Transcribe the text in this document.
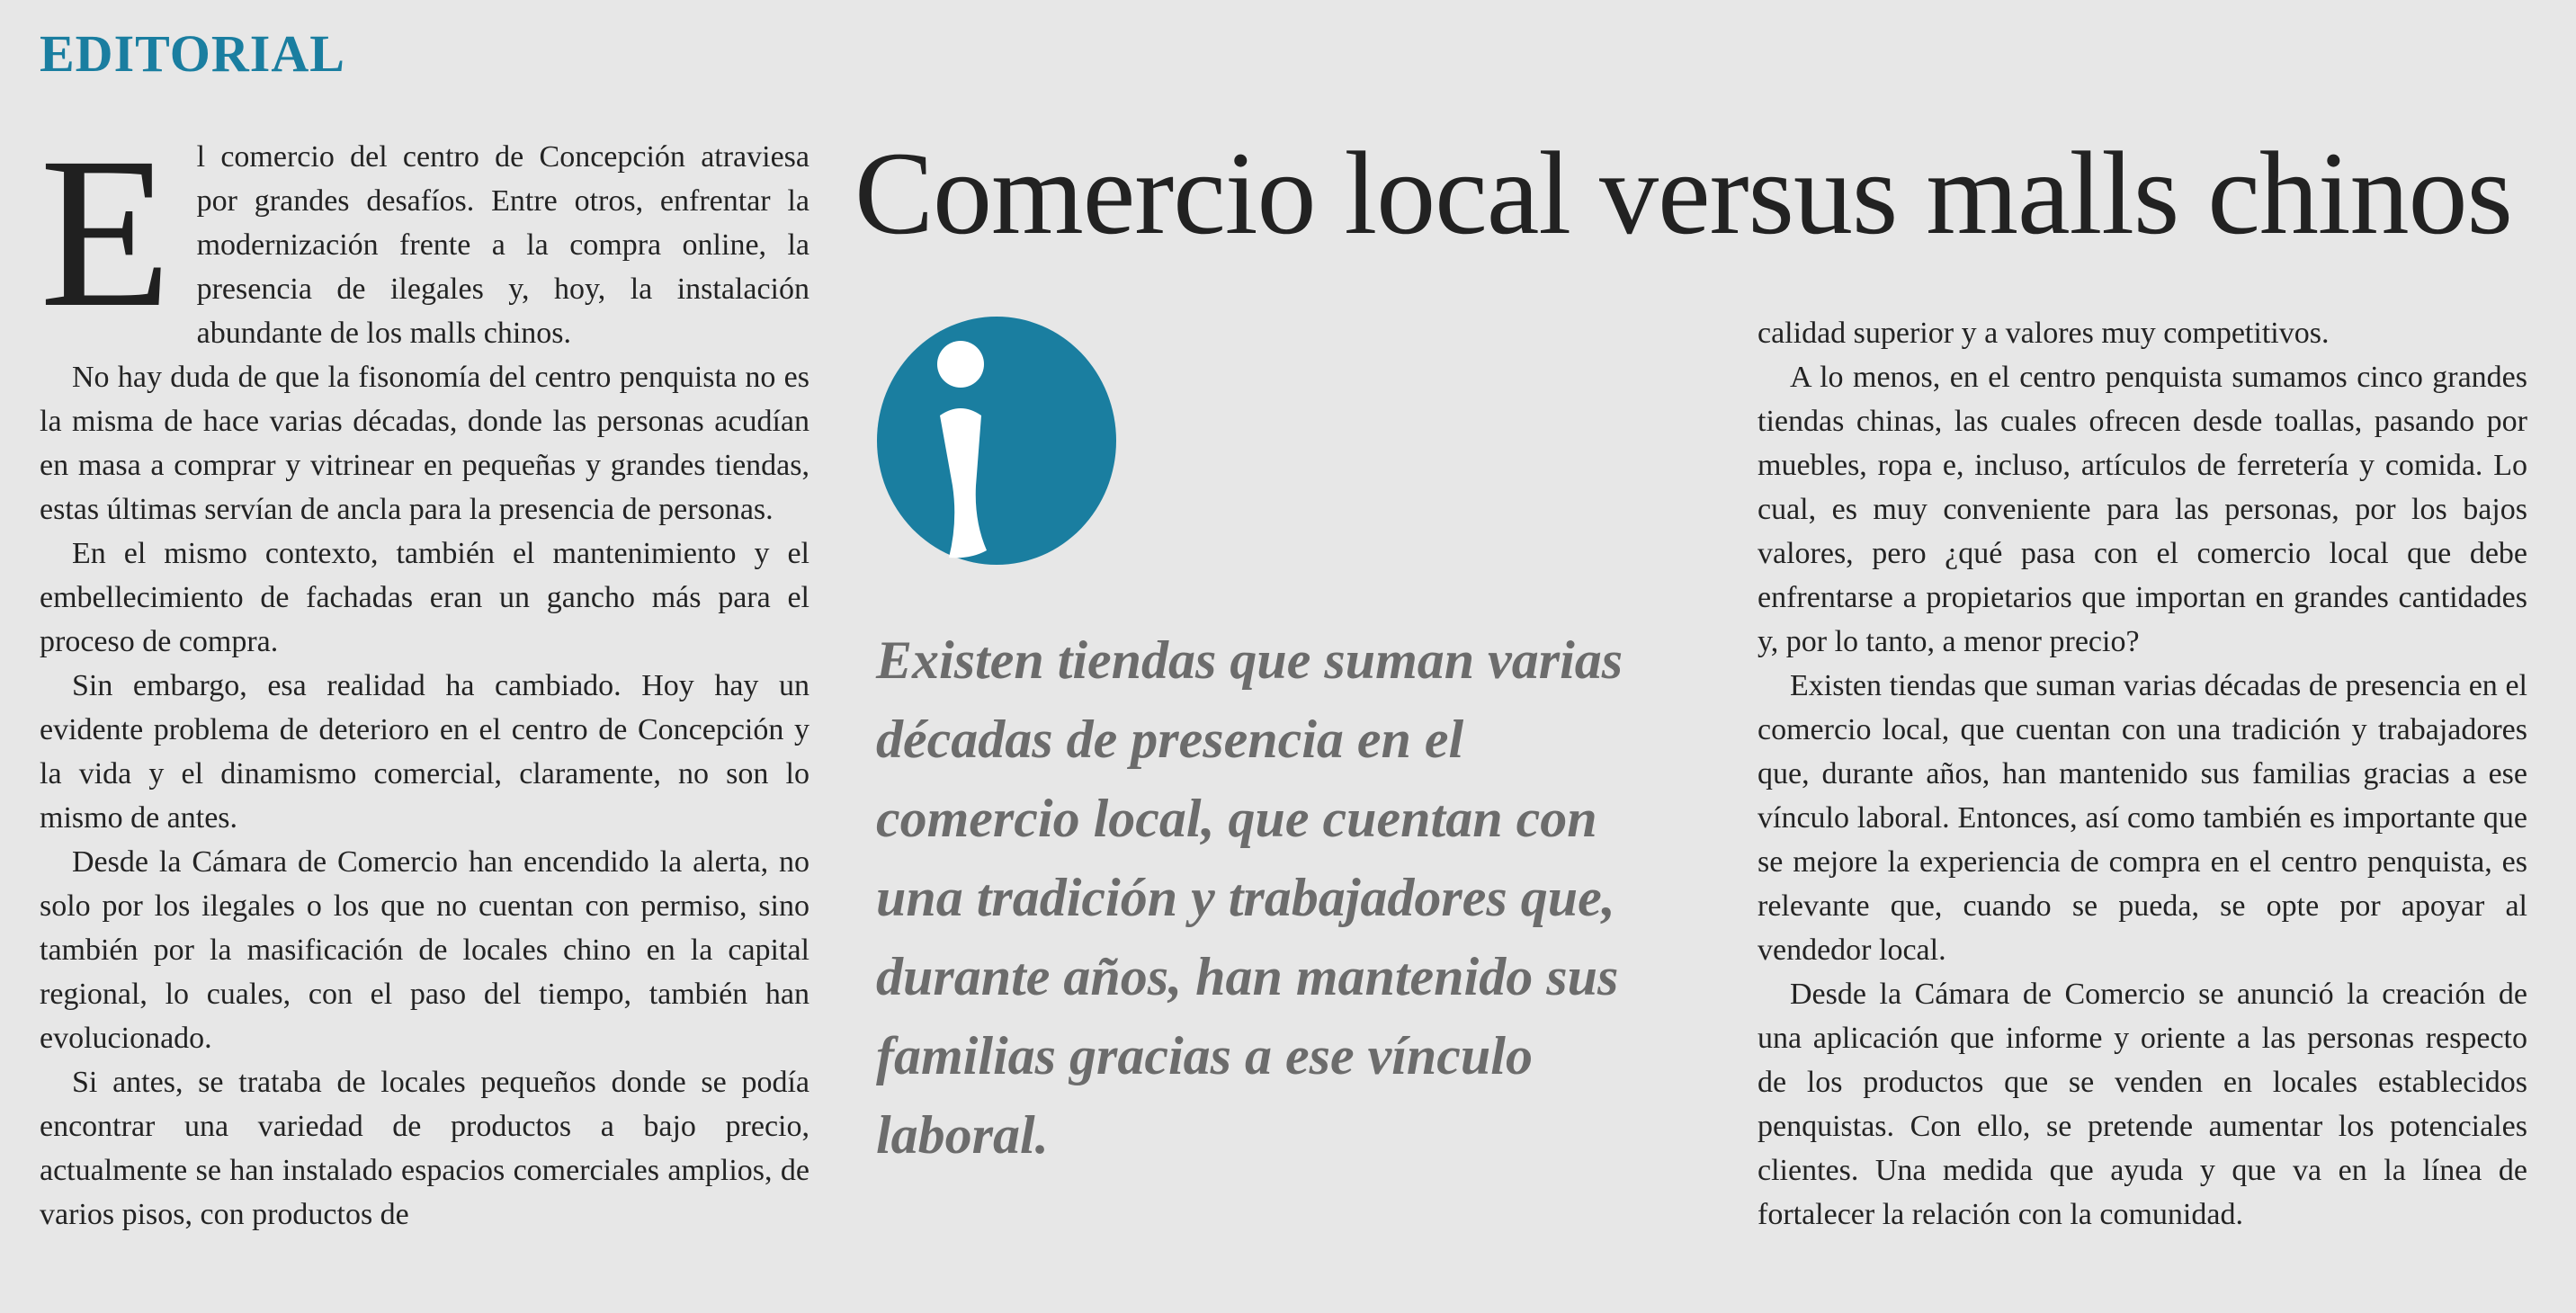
EDITORIAL
Comercio local versus malls chinos

El comercio del centro de Concepción atraviesa por grandes desafíos. Entre otros, enfrentar la modernización frente a la compra online, la presencia de ilegales y, hoy, la instalación abundante de los malls chinos.

No hay duda de que la fisonomía del centro penquista no es la misma de hace varias décadas, donde las personas acudían en masa a comprar y vitrinear en pequeñas y grandes tiendas, estas últimas servían de ancla para la presencia de personas.

En el mismo contexto, también el mantenimiento y el embellecimiento de fachadas eran un gancho más para el proceso de compra.

Sin embargo, esa realidad ha cambiado. Hoy hay un evidente problema de deterioro en el centro de Concepción y la vida y el dinamismo comercial, claramente, no son lo mismo de antes.

Desde la Cámara de Comercio han encendido la alerta, no solo por los ilegales o los que no cuentan con permiso, sino también por la masificación de locales chino en la capital regional, lo cuales, con el paso del tiempo, también han evolucionado.

Si antes, se trataba de locales pequeños donde se podía encontrar una variedad de productos a bajo precio, actualmente se han instalado espacios comerciales amplios, de varios pisos, con productos de

Existen tiendas que suman varias décadas de presencia en el comercio local, que cuentan con una tradición y trabajadores que, durante años, han mantenido sus familias gracias a ese vínculo laboral.

calidad superior y a valores muy competitivos.

A lo menos, en el centro penquista sumamos cinco grandes tiendas chinas, las cuales ofrecen desde toallas, pasando por muebles, ropa e, incluso, artículos de ferretería y comida. Lo cual, es muy conveniente para las personas, por los bajos valores, pero ¿qué pasa con el comercio local que debe enfrentarse a propietarios que importan en grandes cantidades y, por lo tanto, a menor precio?

Existen tiendas que suman varias décadas de presencia en el comercio local, que cuentan con una tradición y trabajadores que, durante años, han mantenido sus familias gracias a ese vínculo laboral. Entonces, así como también es importante que se mejore la experiencia de compra en el centro penquista, es relevante que, cuando se pueda, se opte por apoyar al vendedor local.

Desde la Cámara de Comercio se anunció la creación de una aplicación que informe y oriente a las personas respecto de los productos que se venden en locales establecidos penquistas. Con ello, se pretende aumentar los potenciales clientes. Una medida que ayuda y que va en la línea de fortalecer la relación con la comunidad.
